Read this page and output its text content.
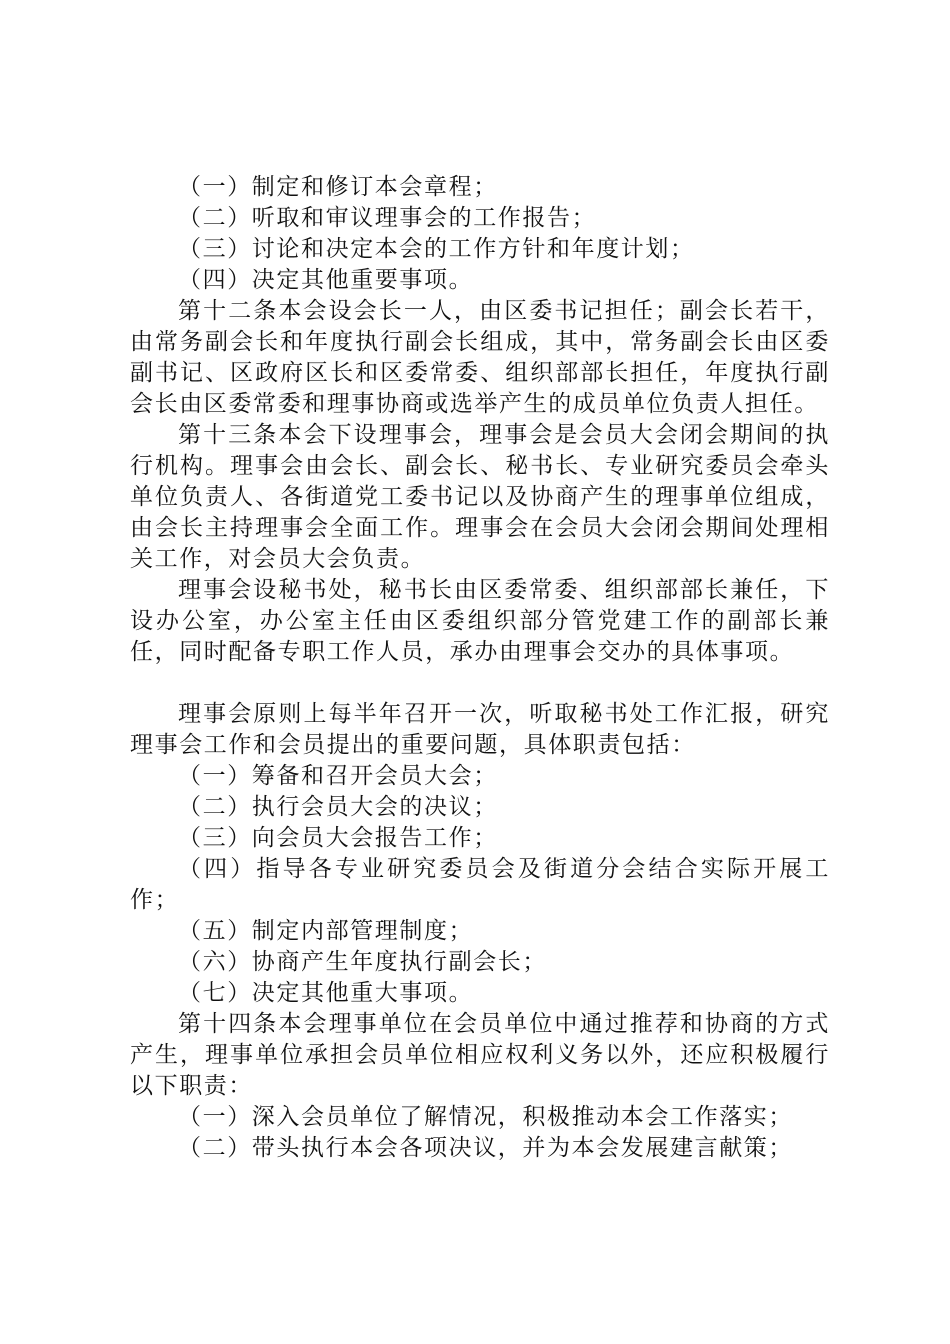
（一）制定和修订本会章程；

（二）听取和审议理事会的工作报告；

（三）讨论和决定本会的工作方针和年度计划；

（四）决定其他重要事项。

第十二条本会设会长一人，由区委书记担任；副会长若干，由常务副会长和年度执行副会长组成，其中，常务副会长由区委副书记、区政府区长和区委常委、组织部部长担任，年度执行副会长由区委常委和理事协商或选举产生的成员单位负责人担任。

第十三条本会下设理事会，理事会是会员大会闭会期间的执行机构。理事会由会长、副会长、秘书长、专业研究委员会牵头单位负责人、各街道党工委书记以及协商产生的理事单位组成，由会长主持理事会全面工作。理事会在会员大会闭会期间处理相关工作，对会员大会负责。

理事会设秘书处，秘书长由区委常委、组织部部长兼任，下设办公室，办公室主任由区委组织部分管党建工作的副部长兼任，同时配备专职工作人员，承办由理事会交办的具体事项。

理事会原则上每半年召开一次，听取秘书处工作汇报，研究理事会工作和会员提出的重要问题，具体职责包括：

（一）筹备和召开会员大会；

（二）执行会员大会的决议；

（三）向会员大会报告工作；

（四）指导各专业研究委员会及街道分会结合实际开展工作；

（五）制定内部管理制度；

（六）协商产生年度执行副会长；

（七）决定其他重大事项。

第十四条本会理事单位在会员单位中通过推荐和协商的方式产生，理事单位承担会员单位相应权利义务以外，还应积极履行以下职责：

（一）深入会员单位了解情况，积极推动本会工作落实；

（二）带头执行本会各项决议，并为本会发展建言献策；
